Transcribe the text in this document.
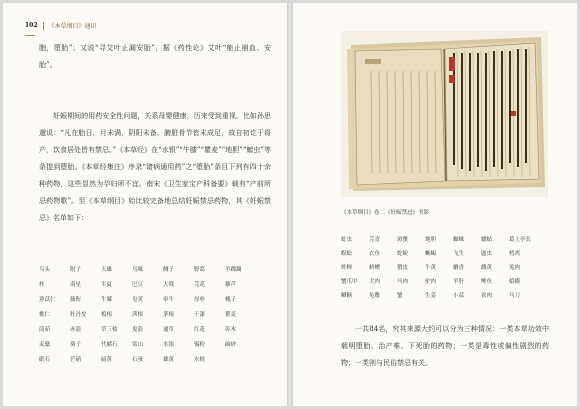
102 《本草纲目》通识

胞，堕胎”；又说“寻艾叶止漏安胎”，据《药性论》艾叶“能止崩血、安胎”。

妊娠期间的用药安全性问题，关系母婴健康，历来受到重视。比如孙思邈说：“凡在胎日，月未满，阴阳未备，腑脏骨节皆未成足，故自初讫于将产，饮食居处皆有禁忌。”《本草经》在“水银”“牛膝”“瞿麦”“地胆”“蟅虫”等条提到堕胎。《本草经集注》序录“诸病通用药”之“堕胎”条目下列有四十余种药物，这些显然为孕妇所不宜。南宋《卫生家宝产科备要》载有“产前所忌药物歌”。至《本草纲目》始比较完备地总结妊娠禁忌药物，其《妊娠禁忌》名单如下：

乌头	附子	天雄	乌喙	侧子	野葛	羊踯躅
桂	南星	半夏	巴豆	大戟	芫花	藜芦
薏苡仁	薇衔	牛膝	皂荚	牵牛	厚朴	槐子
桃仁	牡丹皮	㮧根	茜根	茅根	干漆	瞿麦
茼茹	赤箭	草三棱	鬼箭	通草	红花	苏木
麦糵	葵子	代赭石	常山	水银	锡粉	硇砂
砒石	芒硝	硫黄	石蚕	雄黄	水蛭	
《本草纲目》卷二《妊娠禁忌》书影
虻虫	芫青	斑蝥	地胆	蜘蛛	蝼蛄	葛上亭长
蜈蚣	衣鱼	蛇蜕	蜥蜴	飞生	䗪虫	樗鸡
蚱蝉	蛴螬	猬皮	牛黄	麝香	雌黄	兔肉
蟹爪甲	犬肉	马肉	驴肉	羊肝	鲤鱼	蛤蟆
鳅鳝	龟鳖	蟹	生姜	小蒜	雀肉	马刀

一共84名，究其来源大约可以分为三种情况：一类本草功效中载明堕胎、治产难、下死胎的药物；一类是毒性或偏性剧烈的药物；一类则与民俗禁忌有关。
